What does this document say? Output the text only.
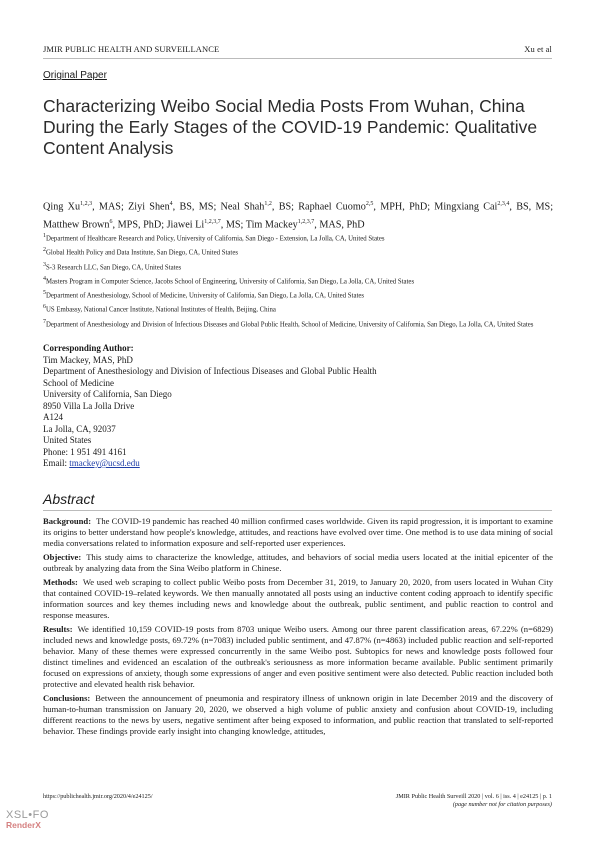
JMIR PUBLIC HEALTH AND SURVEILLANCE	Xu et al
Original Paper
Characterizing Weibo Social Media Posts From Wuhan, China During the Early Stages of the COVID-19 Pandemic: Qualitative Content Analysis
Qing Xu$^{1,2,3}$, MAS; Ziyi Shen$^4$, BS, MS; Neal Shah$^{1,2}$, BS; Raphael Cuomo$^{2,5}$, MPH, PhD; Mingxiang Cai$^{2,3,4}$, BS, MS; Matthew Brown$^6$, MPS, PhD; Jiawei Li$^{1,2,3,7}$, MS; Tim Mackey$^{1,2,3,7}$, MAS, PhD
$^1$Department of Healthcare Research and Policy, University of California, San Diego - Extension, La Jolla, CA, United States
$^2$Global Health Policy and Data Institute, San Diego, CA, United States
$^3$S-3 Research LLC, San Diego, CA, United States
$^4$Masters Program in Computer Science, Jacobs School of Engineering, University of California, San Diego, La Jolla, CA, United States
$^5$Department of Anesthesiology, School of Medicine, University of California, San Diego, La Jolla, CA, United States
$^6$US Embassy, National Cancer Institute, National Institutes of Health, Beijing, China
$^7$Department of Anesthesiology and Division of Infectious Diseases and Global Public Health, School of Medicine, University of California, San Diego, La Jolla, CA, United States
Corresponding Author:
Tim Mackey, MAS, PhD
Department of Anesthesiology and Division of Infectious Diseases and Global Public Health
School of Medicine
University of California, San Diego
8950 Villa La Jolla Drive
A124
La Jolla, CA, 92037
United States
Phone: 1 951 491 4161
Email: tmackey@ucsd.edu
Abstract

Background: The COVID-19 pandemic has reached 40 million confirmed cases worldwide. Given its rapid progression, it is important to examine its origins to better understand how people's knowledge, attitudes, and reactions have evolved over time. One method is to use data mining of social media conversations related to information exposure and self-reported user experiences.

Objective: This study aims to characterize the knowledge, attitudes, and behaviors of social media users located at the initial epicenter of the outbreak by analyzing data from the Sina Weibo platform in Chinese.

Methods: We used web scraping to collect public Weibo posts from December 31, 2019, to January 20, 2020, from users located in Wuhan City that contained COVID-19–related keywords. We then manually annotated all posts using an inductive content coding approach to identify specific information sources and key themes including news and knowledge about the outbreak, public sentiment, and public reaction to control and response measures.

Results: We identified 10,159 COVID-19 posts from 8703 unique Weibo users. Among our three parent classification areas, 67.22% (n=6829) included news and knowledge posts, 69.72% (n=7083) included public sentiment, and 47.87% (n=4863) included public reaction and self-reported behavior. Many of these themes were expressed concurrently in the same Weibo post. Subtopics for news and knowledge posts followed four distinct timelines and evidenced an escalation of the outbreak's seriousness as more information became available. Public sentiment primarily focused on expressions of anxiety, though some expressions of anger and even positive sentiment were also detected. Public reaction included both protective and elevated health risk behavior.

Conclusions: Between the announcement of pneumonia and respiratory illness of unknown origin in late December 2019 and the discovery of human-to-human transmission on January 20, 2020, we observed a high volume of public anxiety and confusion about COVID-19, including different reactions to the news by users, negative sentiment after being exposed to information, and public reaction that translated to self-reported behavior. These findings provide early insight into changing knowledge, attitudes,

https://publichealth.jmir.org/2020/4/e24125/	JMIR Public Health Surveill 2020 | vol. 6 | iss. 4 | e24125 | p. 1
(page number not for citation purposes)
XSL•FO
RenderX
